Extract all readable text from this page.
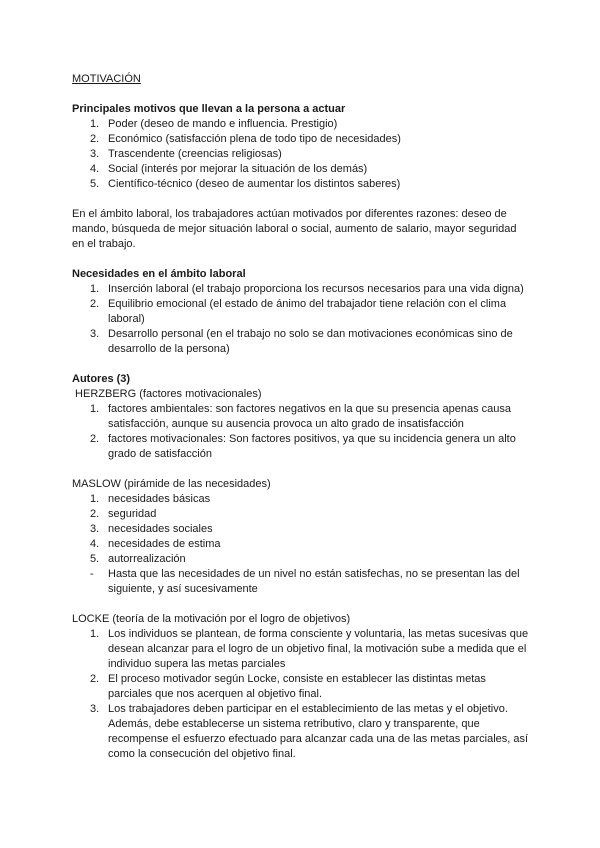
MOTIVACIÓN

Principales motivos que llevan a la persona a actuar

1. Poder (deseo de mando e influencia. Prestigio)
2. Económico (satisfacción plena de todo tipo de necesidades)
3. Trascendente (creencias religiosas)
4. Social (interés por mejorar la situación de los demás)
5. Científico-técnico (deseo de aumentar los distintos saberes)

En el ámbito laboral, los trabajadores actúan motivados por diferentes razones: deseo de mando, búsqueda de mejor situación laboral o social, aumento de salario, mayor seguridad en el trabajo.

Necesidades en el ámbito laboral

1. Inserción laboral (el trabajo proporciona los recursos necesarios para una vida digna)
2. Equilibrio emocional (el estado de ánimo del trabajador tiene relación con el clima laboral)
3. Desarrollo personal (en el trabajo no solo se dan motivaciones económicas sino de desarrollo de la persona)

Autores (3)

HERZBERG (factores motivacionales)

1. factores ambientales: son factores negativos en la que su presencia apenas causa satisfacción, aunque su ausencia provoca un alto grado de insatisfacción
2. factores motivacionales: Son factores positivos, ya que su incidencia genera un alto grado de satisfacción

MASLOW (pirámide de las necesidades)

1. necesidades básicas
2. seguridad
3. necesidades sociales
4. necesidades de estima
5. autorrealización
-	Hasta que las necesidades de un nivel no están satisfechas, no se presentan las del siguiente, y así sucesivamente

LOCKE (teoría de la motivación por el logro de objetivos)

1. Los individuos se plantean, de forma consciente y voluntaria, las metas sucesivas que desean alcanzar para el logro de un objetivo final, la motivación sube a medida que el individuo supera las metas parciales
2. El proceso motivador según Locke, consiste en establecer las distintas metas parciales que nos acerquen al objetivo final.
3. Los trabajadores deben participar en el establecimiento de las metas y el objetivo. Además, debe establecerse un sistema retributivo, claro y transparente, que recompense el esfuerzo efectuado para alcanzar cada una de las metas parciales, así como la consecución del objetivo final.
